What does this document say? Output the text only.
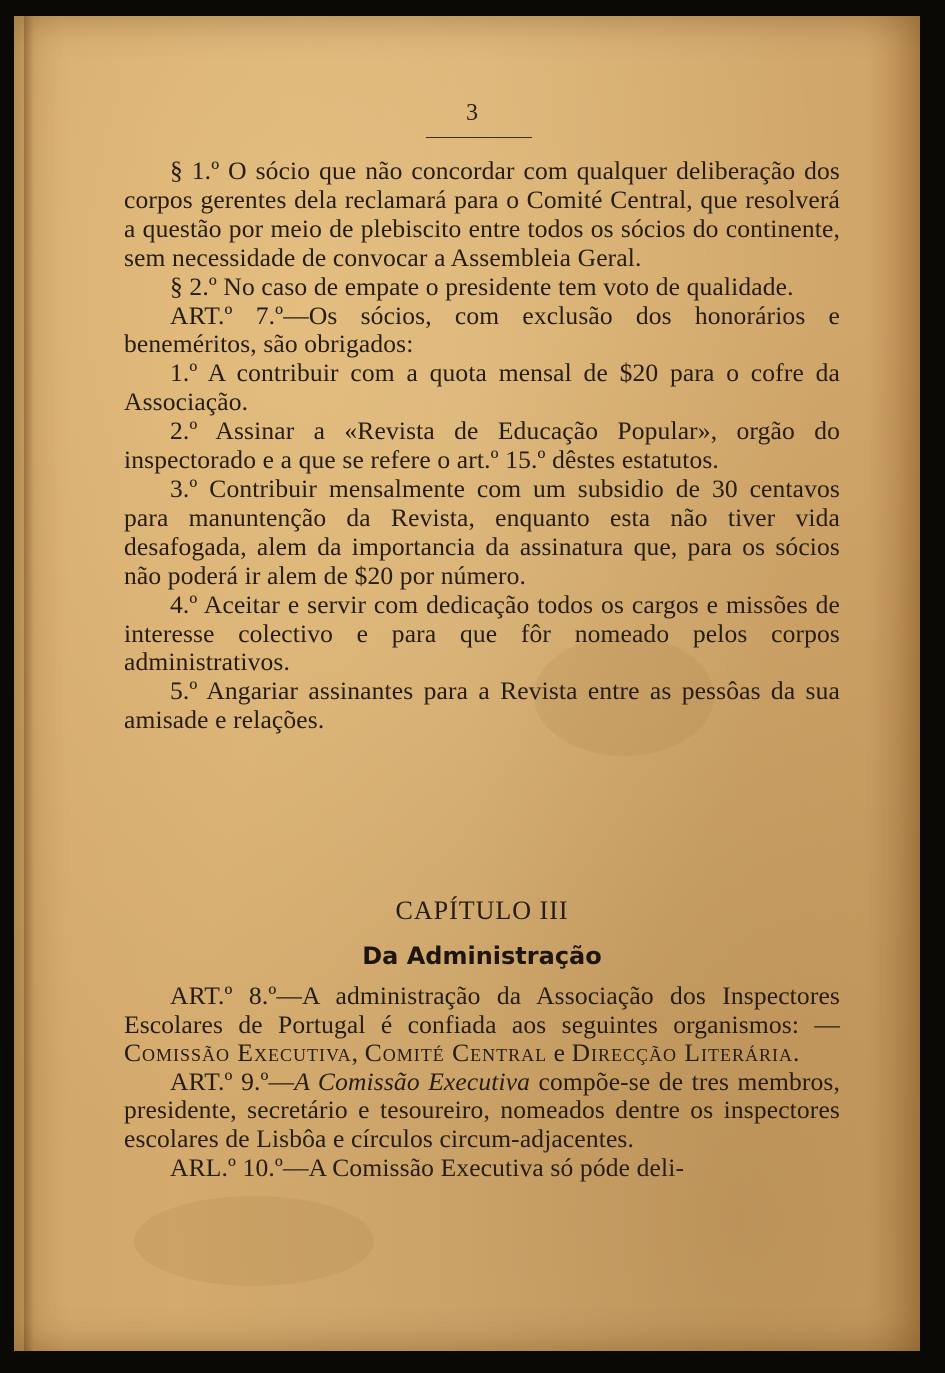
3

§ 1.º O sócio que não concordar com qualquer deliberação dos corpos gerentes dela reclamará para o Comité Central, que resolverá a questão por meio de plebiscito entre todos os sócios do continente, sem necessidade de convocar a Assembleia Geral.

§ 2.º No caso de empate o presidente tem voto de qualidade.

ART.º 7.º—Os sócios, com exclusão dos honorários e beneméritos, são obrigados:

1.º A contribuir com a quota mensal de $20 para o cofre da Associação.

2.º Assinar a «Revista de Educação Popular», orgão do inspectorado e a que se refere o art.º 15.º dêstes estatutos.

3.º Contribuir mensalmente com um subsidio de 30 centavos para manuntenção da Revista, enquanto esta não tiver vida desafogada, alem da importancia da assinatura que, para os sócios não poderá ir alem de $20 por número.

4.º Aceitar e servir com dedicação todos os cargos e missões de interesse colectivo e para que fôr nomeado pelos corpos administrativos.

5.º Angariar assinantes para a Revista entre as pessôas da sua amisade e relações.

CAPÍTULO III
Da Administração

ART.º 8.º—A administração da Associação dos Inspectores Escolares de Portugal é confiada aos seguintes organismos: — Comissão Executiva, Comité Central e Direcção Literária.

ART.º 9.º—A Comissão Executiva compõe-se de tres membros, presidente, secretário e tesoureiro, nomeados dentre os inspectores escolares de Lisbôa e círculos circum-adjacentes.

ARL.º 10.º—A Comissão Executiva só póde deli-
